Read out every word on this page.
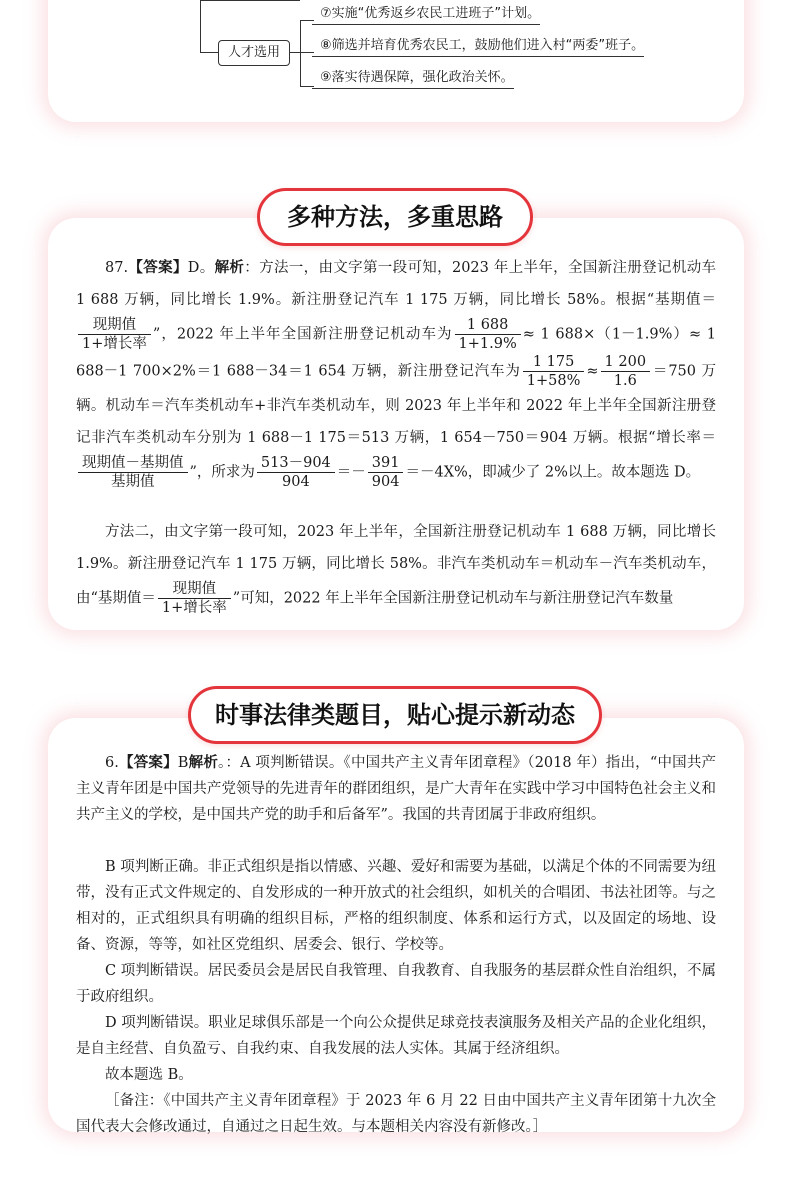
人才选用
⑦实施“优秀返乡农民工进班子”计划。
⑧筛选并培育优秀农民工，鼓励他们进入村“两委”班子。
⑨落实待遇保障，强化政治关怀。
多种方法，多重思路
87.【答案】D。解析：方法一，由文字第一段可知，2023 年上半年，全国新注册登记机动车 1 688 万辆，同比增长 1.9%。新注册登记汽车 1 175 万辆，同比增长 58%。根据“基期值＝
$\frac{\text{现期值}}{\text{1+增长率}}$ ”，2022 年上半年全国新注册登记机动车为 $\frac{1 688}{1+1.9\%} \approx 1$ 688×（1－1.9%）≈ 1 688－1 700×2%＝1 688－34＝1 654 万辆，新注册登记汽车为 $\frac{1 175}{1+58\%} \approx \frac{1 200}{1.6} =750$ 万辆。机动车＝汽车类机动车+非汽车类机动车，则 2023 年上半年和 2022 年上半年全国新注册登记非汽车类机动车分别为 1 688－1 175＝513 万辆，1 654－750＝904 万辆。根据“增长率＝
$\frac{\text{现期值－基期值}}{\text{基期值}}$ ”，所求为 $\frac{513-904}{904} =- \frac{391}{904} =-4X\%$，即减少了 2%以上。故本题选 D。
方法二，由文字第一段可知，2023 年上半年，全国新注册登记机动车 1 688 万辆，同比增长 1.9%。新注册登记汽车 1 175 万辆，同比增长 58%。非汽车类机动车＝机动车－汽车类机动车，由“基期值＝ $\frac{\text{现期值}}{\text{1+增长率}}$ ”可知，2022 年上半年全国新注册登记机动车与新注册登记汽车数量
时事法律类题目，贴心提示新动态
6.【答案】B解析。：A 项判断错误。《中国共产主义青年团章程》（2018 年）指出，“中国共产主义青年团是中国共产党领导的先进青年的群团组织，是广大青年在实践中学习中国特色社会主义和共产主义的学校，是中国共产党的助手和后备军”。我国的共青团属于非政府组织。
B 项判断正确。非正式组织是指以情感、兴趣、爱好和需要为基础，以满足个体的不同需要为纽带，没有正式文件规定的、自发形成的一种开放式的社会组织，如机关的合唱团、书法社团等。与之相对的，正式组织具有明确的组织目标，严格的组织制度、体系和运行方式，以及固定的场地、设备、资源，等等，如社区党组织、居委会、银行、学校等。
C 项判断错误。居民委员会是居民自我管理、自我教育、自我服务的基层群众性自治组织，不属于政府组织。
D 项判断错误。职业足球俱乐部是一个向公众提供足球竞技表演服务及相关产品的企业化组织，是自主经营、自负盈亏、自我约束、自我发展的法人实体。其属于经济组织。
故本题选 B。
［备注：《中国共产主义青年团章程》于 2023 年 6 月 22 日由中国共产主义青年团第十九次全国代表大会修改通过，自通过之日起生效。与本题相关内容没有新修改。］
